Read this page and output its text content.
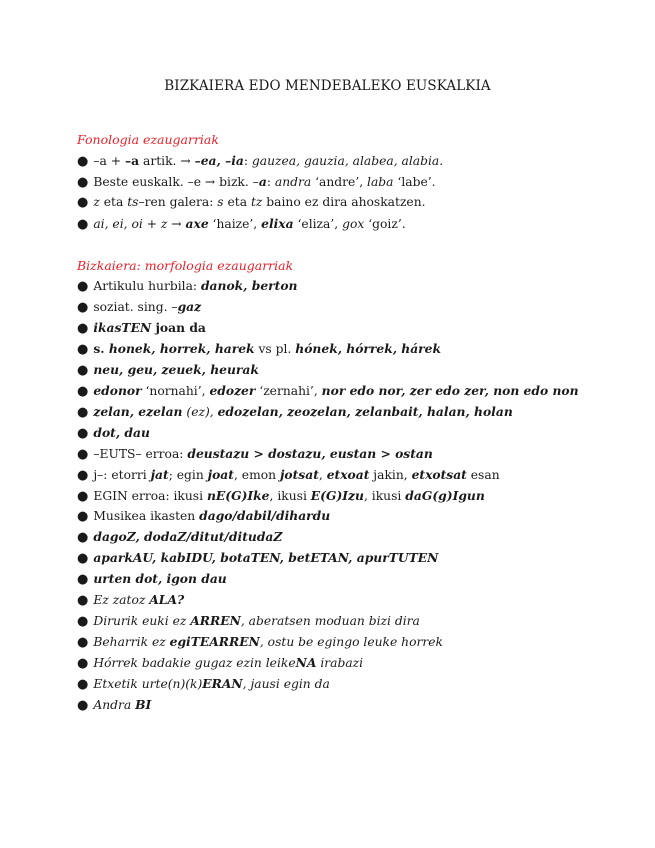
BIZKAIERA EDO MENDEBALEKO EUSKALKIA
Fonologia ezaugarriak
● –a + –a artik. → –ea, –ia: gauzea, gauzia, alabea, alabia.
● Beste euskalk. –e → bizk. –a: andra ‘andre’, laba ‘labe’.
● z eta ts–ren galera: s eta tz baino ez dira ahoskatzen.
● ai, ei, oi + z → axe ‘haize’, elixa ‘eliza’, gox ‘goiz’.
Bizkaiera: morfologia ezaugarriak
● Artikulu hurbila: danok, berton
● soziat. sing. –gaz
● ikasTEN joan da
● s. honek, horrek, harek vs pl. hónek, hórrek, hárek
● neu, geu, zeuek, heurak
● edonor ‘nornahi’, edozer ‘zernahi’, nor edo nor, zer edo zer, non edo non
● zelan, ezelan (ez), edozelan, zeozelan, zelanbait, halan, holan
● dot, dau
● –EUTS– erroa: deustazu > dostazu, eustan > ostan
● j–: etorri jat; egin joat, emon jotsat, etxoat jakin, etxotsat esan
● EGIN erroa: ikusi nE(G)Ike, ikusi E(G)Izu, ikusi daG(g)Igun
● Musikea ikasten dago/dabil/dihardu
● dagoZ, dodaZ/ditut/ditudaZ
● aparkAU, kabIDU, botaTEN, betETAN, apurTUTEN
● urten dot, igon dau
● Ez zatoz ALA?
● Dirurik euki ez ARREN, aberatsen moduan bizi dira
● Beharrik ez egiTEARREN, ostu be egingo leuke horrek
● Hórrek badakie gugaz ezin leikeNA irabazi
● Etxetik urte(n)(k)ERAN, jausi egin da
● Andra BI
